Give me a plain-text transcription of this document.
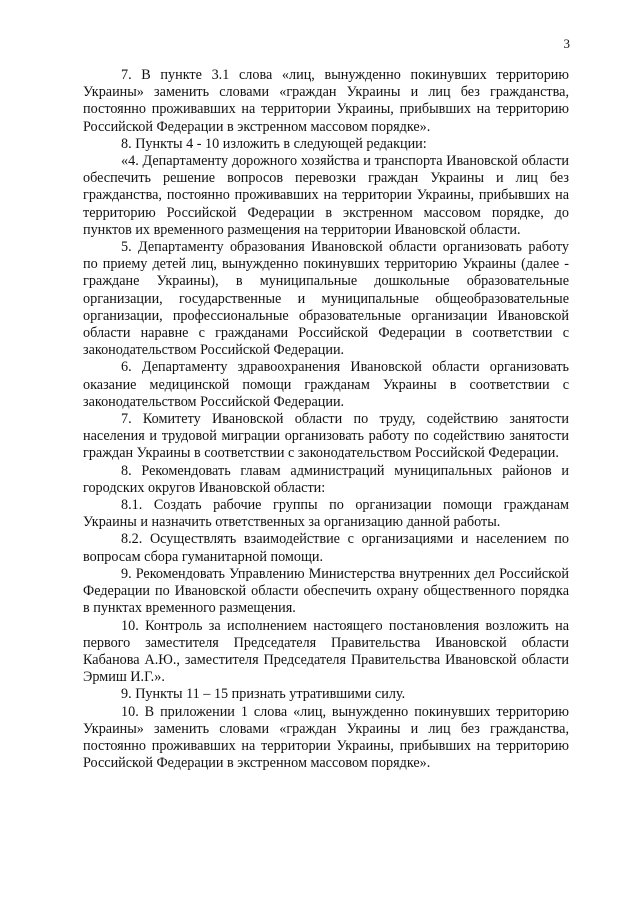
3

7. В пункте 3.1 слова «лиц, вынужденно покинувших территорию Украины» заменить словами «граждан Украины и лиц без гражданства, постоянно проживавших на территории Украины, прибывших на территорию Российской Федерации в экстренном массовом порядке».

8. Пункты 4 - 10 изложить в следующей редакции:

«4. Департаменту дорожного хозяйства и транспорта Ивановской области обеспечить решение вопросов перевозки граждан Украины и лиц без гражданства, постоянно проживавших на территории Украины, прибывших на территорию Российской Федерации в экстренном массовом порядке, до пунктов их временного размещения на территории Ивановской области.

5. Департаменту образования Ивановской области организовать работу по приему детей лиц, вынужденно покинувших территорию Украины (далее - граждане Украины), в муниципальные дошкольные образовательные организации, государственные и муниципальные общеобразовательные организации, профессиональные образовательные организации Ивановской области наравне с гражданами Российской Федерации в соответствии с законодательством Российской Федерации.

6. Департаменту здравоохранения Ивановской области организовать оказание медицинской помощи гражданам Украины в соответствии с законодательством Российской Федерации.

7. Комитету Ивановской области по труду, содействию занятости населения и трудовой миграции организовать работу по содействию занятости граждан Украины в соответствии с законодательством Российской Федерации.

8. Рекомендовать главам администраций муниципальных районов и городских округов Ивановской области:

8.1. Создать рабочие группы по организации помощи гражданам Украины и назначить ответственных за организацию данной работы.

8.2. Осуществлять взаимодействие с организациями и населением по вопросам сбора гуманитарной помощи.

9. Рекомендовать Управлению Министерства внутренних дел Российской Федерации по Ивановской области обеспечить охрану общественного порядка в пунктах временного размещения.

10. Контроль за исполнением настоящего постановления возложить на первого заместителя Председателя Правительства Ивановской области Кабанова А.Ю., заместителя Председателя Правительства Ивановской области Эрмиш И.Г.».

9. Пункты 11 – 15 признать утратившими силу.

10. В приложении 1 слова «лиц, вынужденно покинувших территорию Украины» заменить словами «граждан Украины и лиц без гражданства, постоянно проживавших на территории Украины, прибывших на территорию Российской Федерации в экстренном массовом порядке».
